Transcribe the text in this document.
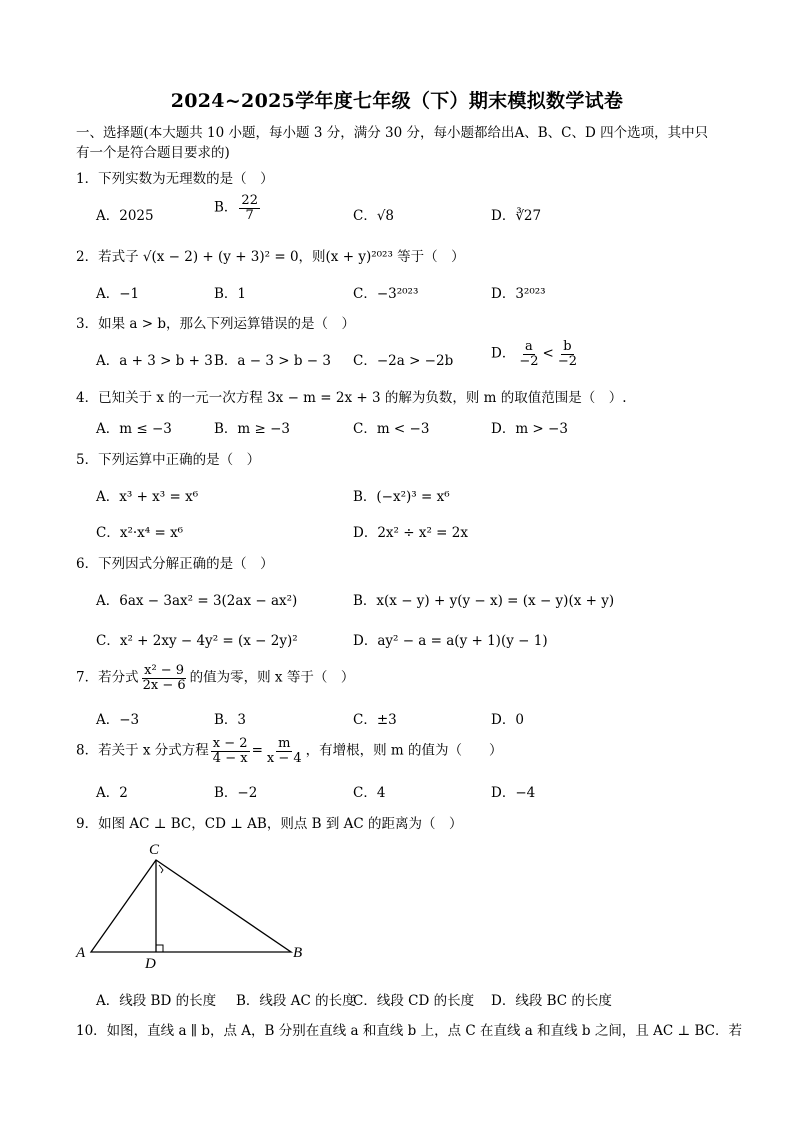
2024~2025学年度七年级（下）期末模拟数学试卷
一、选择题(本大题共 10 小题，每小题 3 分，满分 30 分，每小题都给出A、B、C、D 四个选项，其中只
有一个是符合题目要求的)
1．下列实数为无理数的是（　）
A．2025
B． $\frac{22}{7}$	C．√8	D．∛27
2．若式子 √(x − 2) + (y + 3)² = 0，则(x + y)²⁰²³ 等于（　）
A．−1	B．1	C．−3²⁰²³	D．3²⁰²³
3．如果 a > b，那么下列运算错误的是（　）
A．a + 3 > b + 3 B．a − 3 > b − 3 C．−2a > −2b	D． $\frac{a}{-2} < \frac{b}{-2}$
4．已知关于 x 的一元一次方程 3x − m = 2x + 3 的解为负数，则 m 的取值范围是（　）.
A．m ≤ −3	B．m ≥ −3	C．m < −3	D．m > −3
5．下列运算中正确的是（　）
A．x³ + x³ = x⁶	B．(−x²)³ = x⁶
C．x²·x⁴ = x⁶	D．2x² ÷ x² = 2x
6．下列因式分解正确的是（　）
A．6ax − 3ax² = 3(2ax − ax²)	B．x(x − y) + y(y − x) = (x − y)(x + y)
C．x² + 2xy − 4y² = (x − 2y)²	D．ay² − a = a(y + 1)(y − 1)
7．若分式 $\frac{\text{x² − 9}}{2x - 6}$ 的值为零，则 x 等于（　）
A．−3	B．3	C．±3	D．0
8．若关于 x 分式方程 $\frac{x - 2}{4 - x} = \frac{m}{x - 4}$ ，有增根，则 m 的值为（　　）
A．2	B．−2	C．4	D．−4
9．如图 AC ⊥ BC，CD ⊥ AB，则点 B 到 AC 的距离为（　）
A
C
D
B
A．线段 BD 的长度 B．线段 AC 的长度
C．线段 CD 的长度 D．线段 BC 的长度
10．如图，直线 a ∥ b，点 A，B 分别在直线 a 和直线 b 上，点 C 在直线 a 和直线 b 之间，且 AC ⊥ BC．若
